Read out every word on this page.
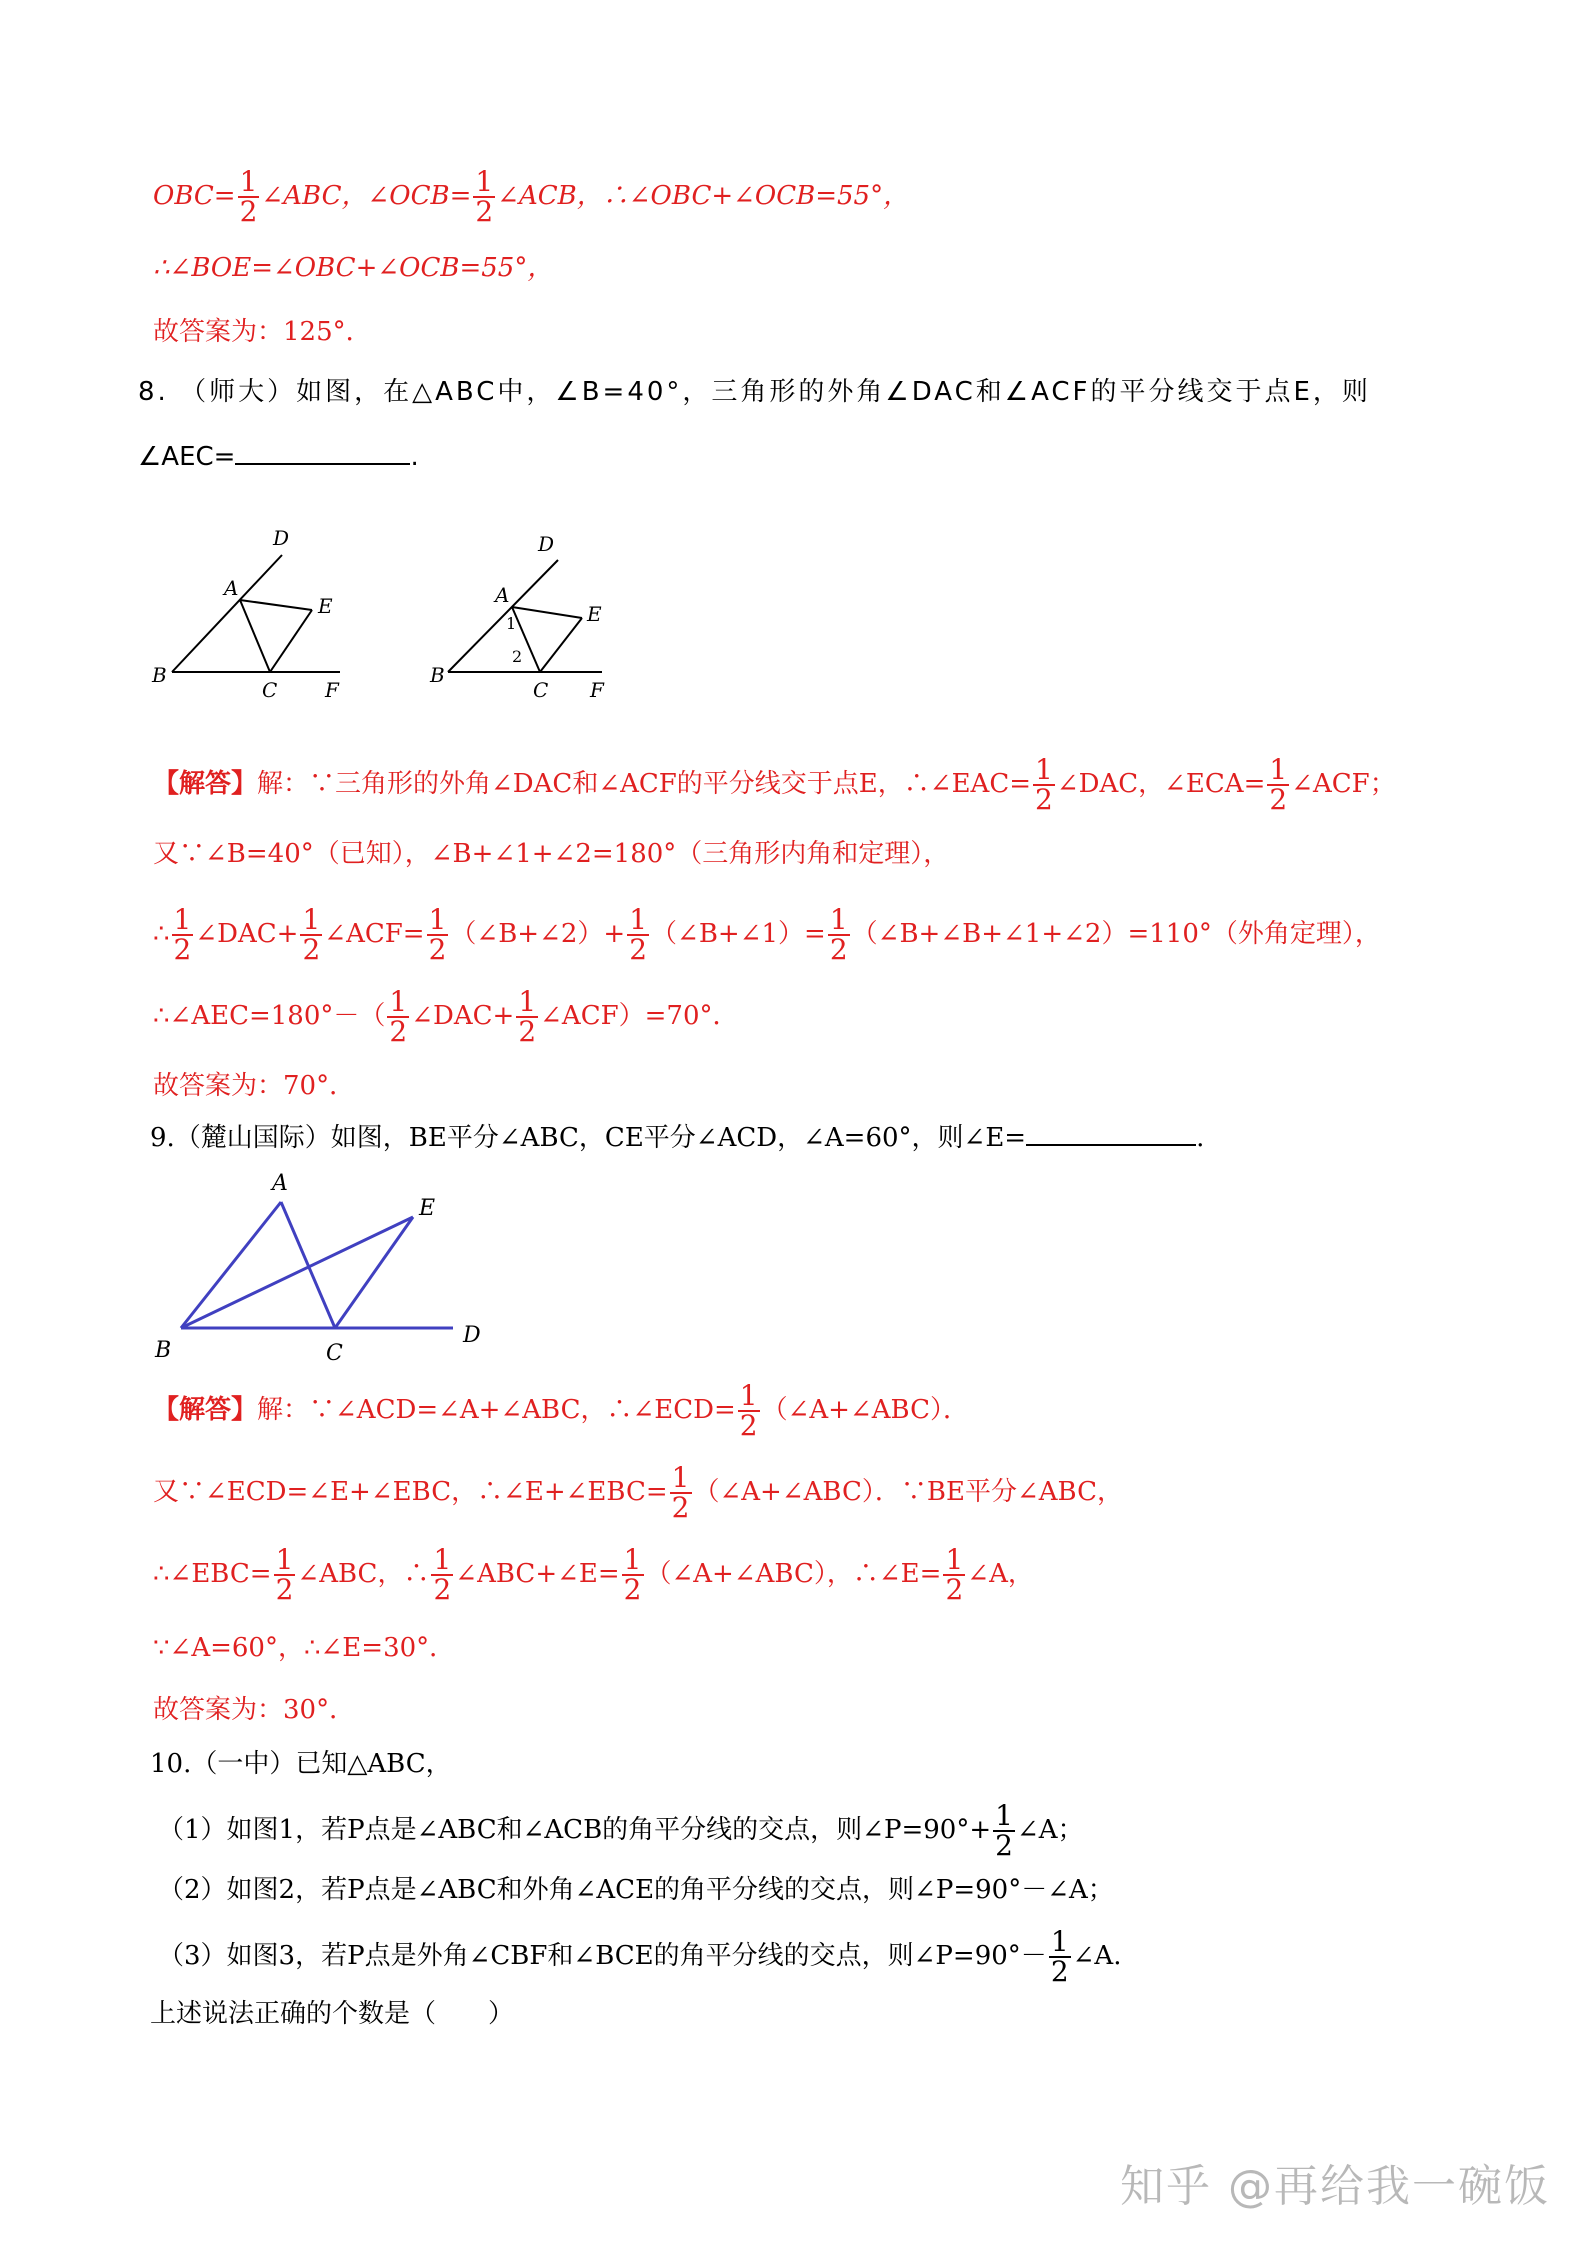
$OBC= \frac{1}{2}$ ∠ABC，∠OCB= $\frac{1}{2}$ ∠ACB，∴∠OBC+∠OCB=55°，
∴∠BOE=∠OBC+∠OCB=55°，
故答案为：125°．
8. （师大）如图，在△ABC中，∠B=40°，三角形的外角∠DAC和∠ACF的平分线交于点E，则
∠AEC=	.
D
A
E
B
C F
D
A
E
B
C F
1
2
【解答】解：∵三角形的外角∠DAC和∠ACF的平分线交于点E，∴∠EAC= $\frac{1}{2}$ ∠DAC，∠ECA= $\frac{1}{2}$ ∠ACF；
又∵∠B=40°（已知），∠B+∠1+∠2=180°（三角形内角和定理），
∴ $\frac{1}{2}$ ∠DAC+ $\frac{1}{2}$ ∠ACF= $\frac{1}{2}$ （∠B+∠2）+ $\frac{1}{2}$ （∠B+∠1）= $\frac{1}{2}$ （∠B+∠B+∠1+∠2）=110°（外角定理），
∴∠AEC=180°－（ $\frac{1}{2}$ ∠DAC+ $\frac{1}{2}$ ∠ACF）=70°．
故答案为：70°．
9.（麓山国际）如图，BE平分∠ABC，CE平分∠ACD，∠A=60°，则∠E=	.
A
E
B	C
D
【解答】解：∵∠ACD=∠A+∠ABC，∴∠ECD= $\frac{1}{2}$ （∠A+∠ABC）．
又∵∠ECD=∠E+∠EBC，∴∠E+∠EBC= $\frac{1}{2}$ （∠A+∠ABC）．∵BE平分∠ABC，
∴∠EBC= $\frac{1}{2}$ ∠ABC，∴ $\frac{1}{2}$ ∠ABC+∠E= $\frac{1}{2}$ （∠A+∠ABC），∴∠E= $\frac{1}{2}$ ∠A，
∵∠A=60°，∴∠E=30°．
故答案为：30°．
10.（一中）已知△ABC，
（1）如图1，若P点是∠ABC和∠ACB的角平分线的交点，则∠P=90°+ $\frac{1}{2}$ ∠A；
（2）如图2，若P点是∠ABC和外角∠ACE的角平分线的交点，则∠P=90°－∠A；
（3）如图3，若P点是外角∠CBF和∠BCE的角平分线的交点，则∠P=90°－ $\frac{1}{2}$ ∠A.
上述说法正确的个数是（　　）
知乎 @再给我一碗饭
